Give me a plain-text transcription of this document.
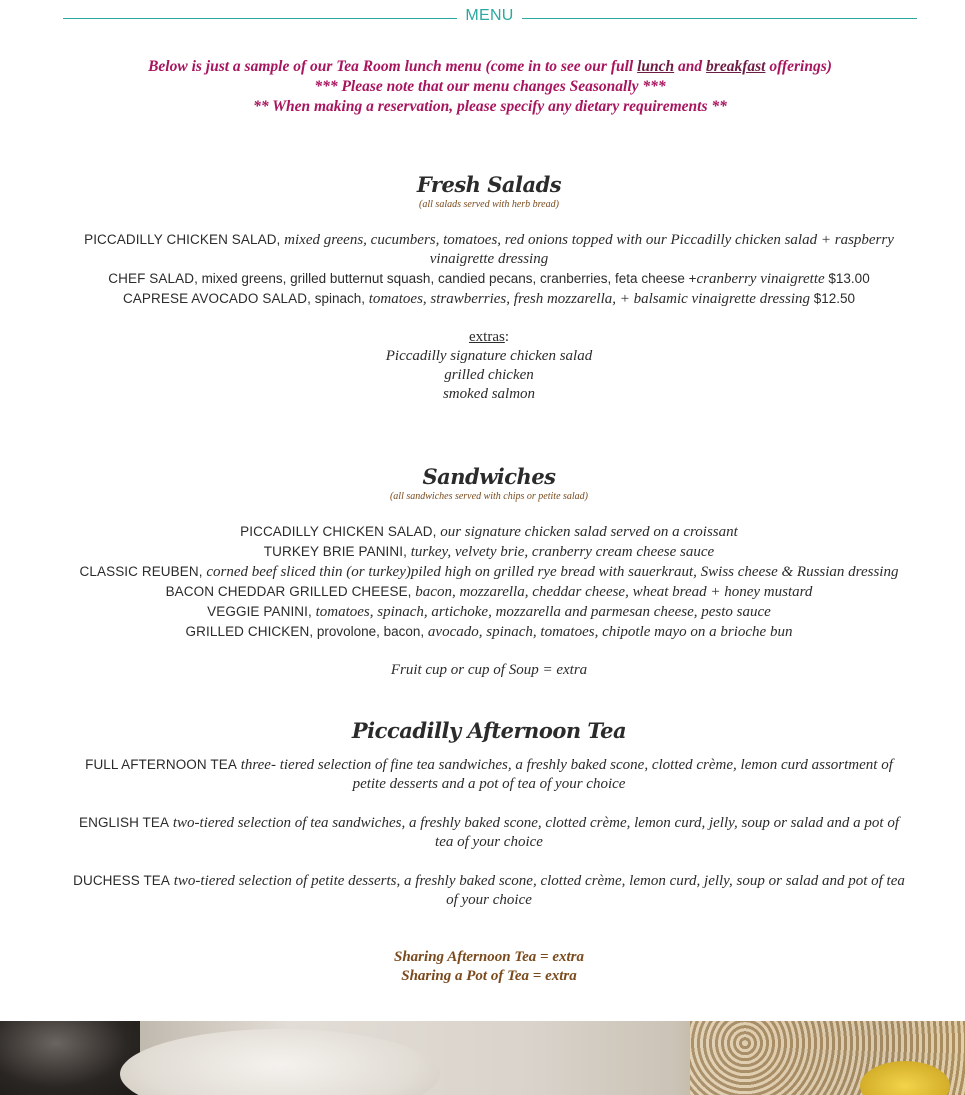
MENU
Below is just a sample of our Tea Room lunch menu (come in to see our full lunch and breakfast offerings)
*** Please note that our menu changes Seasonally ***
** When making a reservation, please specify any dietary requirements **
Fresh Salads
(all salads served with herb bread)
PICCADILLY CHICKEN SALAD, mixed greens, cucumbers, tomatoes, red onions topped with our Piccadilly chicken salad + raspberry
vinaigrette dressing
CHEF SALAD, mixed greens, grilled butternut squash, candied pecans, cranberries, feta cheese +cranberry vinaigrette $13.00
CAPRESE AVOCADO SALAD, spinach, tomatoes, strawberries, fresh mozzarella, + balsamic vinaigrette dressing $12.50
extras:
Piccadilly signature chicken salad
grilled chicken
smoked salmon
Sandwiches
(all sandwiches served with chips or petite salad)
PICCADILLY CHICKEN SALAD, our signature chicken salad served on a croissant
TURKEY BRIE PANINI, turkey, velvety brie, cranberry cream cheese sauce
CLASSIC REUBEN, corned beef sliced thin (or turkey)piled high on grilled rye bread with sauerkraut, Swiss cheese & Russian dressing
BACON CHEDDAR GRILLED CHEESE, bacon, mozzarella, cheddar cheese, wheat bread + honey mustard
VEGGIE PANINI, tomatoes, spinach, artichoke, mozzarella and parmesan cheese, pesto sauce
GRILLED CHICKEN, provolone, bacon, avocado, spinach, tomatoes, chipotle mayo on a brioche bun
Fruit cup or cup of Soup = extra
Piccadilly Afternoon Tea
FULL AFTERNOON TEA three- tiered selection of fine tea sandwiches, a freshly baked scone, clotted crème, lemon curd assortment of
petite desserts and a pot of tea of your choice
ENGLISH TEA two-tiered selection of tea sandwiches, a freshly baked scone, clotted crème, lemon curd, jelly, soup or salad and a pot of
tea of your choice
DUCHESS TEA two-tiered selection of petite desserts, a freshly baked scone, clotted crème, lemon curd, jelly, soup or salad and pot of tea
of your choice
Sharing Afternoon Tea = extra
Sharing a Pot of Tea = extra
